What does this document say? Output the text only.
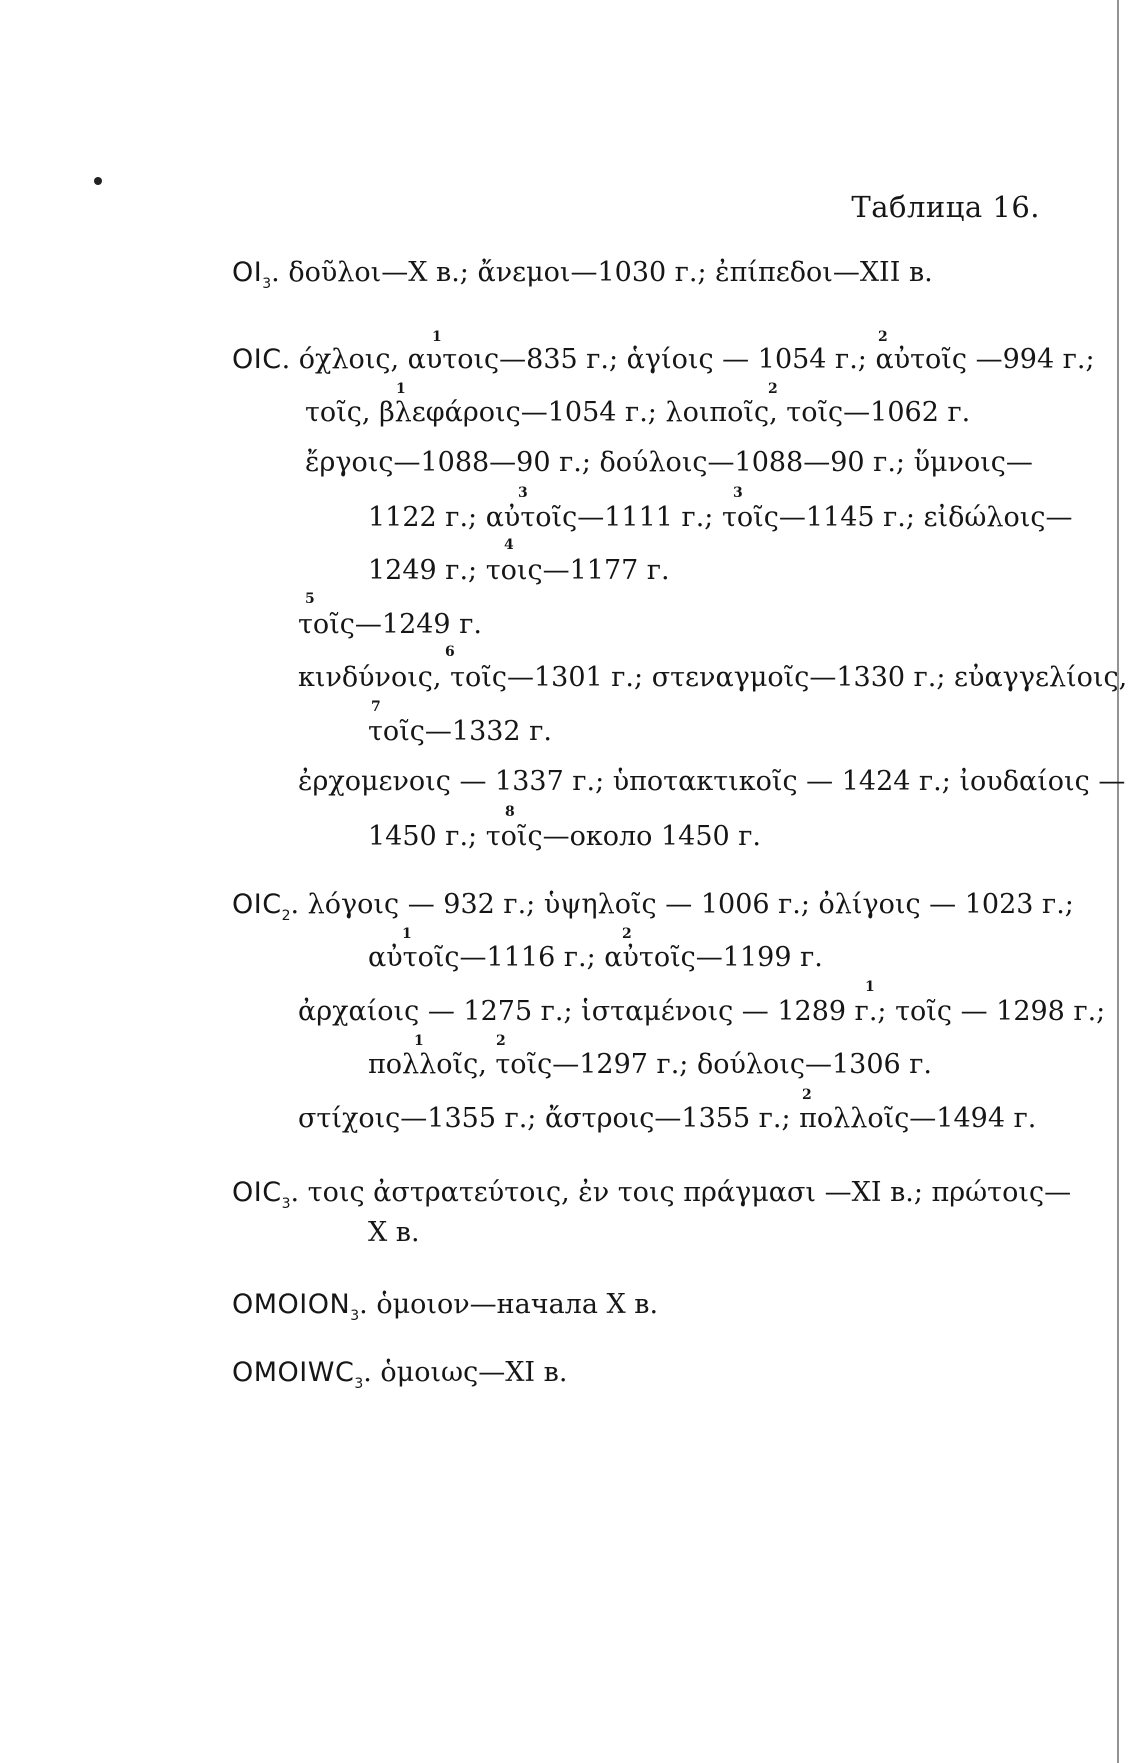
Таблица 16.
$OI_3$. δοῦλοι—X в.; ἄνεμοι—1030 г.; ἐπίπεδοι—XII в.
1	2
OIC. όχλοις, αυτοις—835 г.; ἁγίοις — 1054 г.; αὐτοῖς —994 г.;
1	2
τοῖς, βλεφάροις—1054 г.; λοιποῖς, τοῖς—1062 г.
ἔργοις—1088—90 г.; δούλοις—1088—90 г.; ὕμνοις—
3	3
1122 г.; αὐτοῖς—1111 г.; τοῖς—1145 г.; εἰδώλοις—
4
1249 г.; τοις—1177 г.
5
τοῖς—1249 г.
6
κινδύνοις, τοῖς—1301 г.; στεναγμοῖς—1330 г.; εὐαγγελίοις,
7
τοῖς—1332 г.
ἐρχομενοις — 1337 г.; ὑποτακτικοῖς — 1424 г.; ἰουδαίοις —
8
1450 г.; τοῖς—около 1450 г.
$OIC_2$. λόγοις — 932 г.; ὑψηλοῖς — 1006 г.; ὀλίγοις — 1023 г.;
1	2
αὐτοῖς—1116 г.; αὐτοῖς—1199 г.
1
ἀρχαίοις — 1275 г.; ἱσταμένοις — 1289 г.; τοῖς — 1298 г.;
1	2
πολλοῖς, τοῖς—1297 г.; δούλοις—1306 г.
2
στίχοις—1355 г.; ἄστροις—1355 г.; πολλοῖς—1494 г.
$OIC_3$. τοις ἀστρατεύτοις, ἐν τοις πράγμασι —XI в.; πρώτοις—
X в.
$OMOION_3$. ὁμοιον—начала X в.
$OMOIWC_3$. ὁμοιως—XI в.
